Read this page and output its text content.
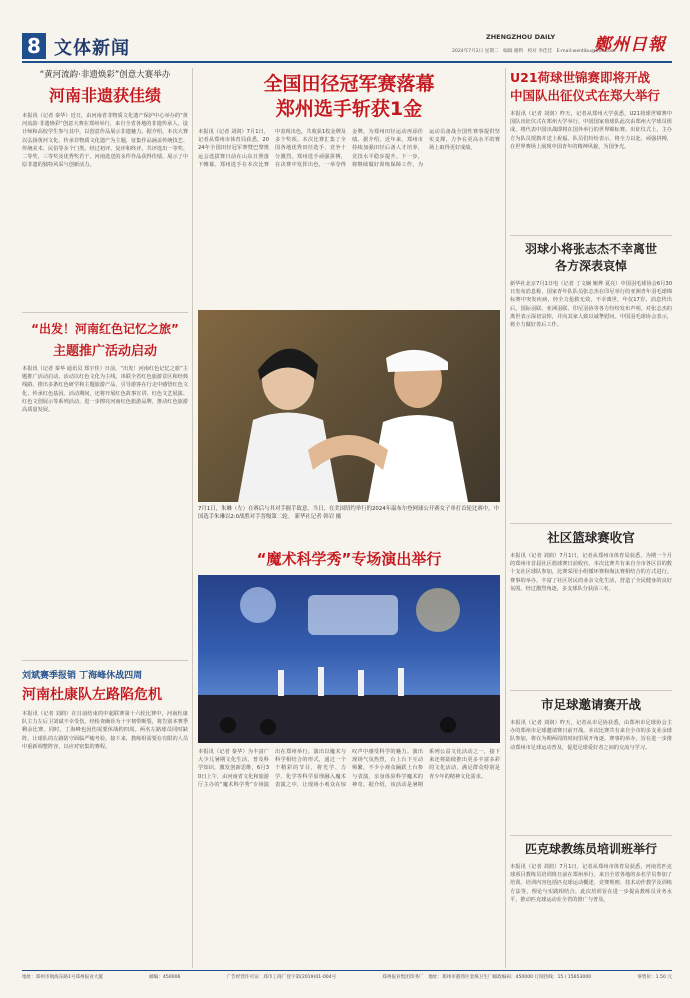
8 文体新闻
ZHENGZHOU DAILY 鄭州日報
2024年7月2日 星期二　编辑 谢利　校对 李佳佳　E-mail:wentibu@163.com
“黄河流韵·非遗焕彩”创意大赛举办
河南非遗获佳绩
本报讯（记者 秦华）近日，由河南省非物质文化遗产保护中心举办的“黄河流韵·非遗焕彩”创意大赛在郑州举行，来自全省各地的非遗传承人、设计师和高校学生参与其中，以创意作品展示非遗魅力。据介绍，本次大赛以弘扬黄河文化、传承非物质文化遗产为主题，征集作品涵盖传统技艺、传统美术、民俗等多个门类。经过初评、复评和终评，共评选出一等奖、二等奖、三等奖及优秀奖若干。河南选送的多件作品获得佳绩，展示了中原非遗的独特风采与创新活力。
“出发！河南红色记忆之旅”
主题推广活动启动
本报讯（记者 秦华 通讯员 郑宇佳）日前，“出发！河南红色记忆之旅”主题推广活动启动。活动以红色文化为主线，串联全省红色旅游景区和经典线路，推出多条红色研学和主题旅游产品，引导游客在行走中感悟红色文化、传承红色基因。活动期间，还将开展红色故事宣讲、红色文艺展演、红色文创展示等系列活动，进一步擦亮河南红色旅游品牌，推动红色旅游高质量发展。
刘斌赛季报销 丁海峰休战四周
河南杜康队左路陷危机
本报讯（记者 刘润）在日前结束的中超联赛第十六轮比赛中，河南杜康队主力左后卫刘斌不幸受伤，经检查确诊为十字韧带断裂，将告别本赛季剩余比赛。同时，丁海峰也因伤需要休战约四周。两名左路球员同时缺阵，让球队的左路防守面临严峻考验。接下来，教练组需要在有限的人员中重新调整阵容，以应对密集的赛程。
全国田径冠军赛落幕
郑州选手斩获1金
本报讯（记者 刘润）7月1日，记者从郑州市体育局获悉，2024年全国田径冠军赛暨巴黎奥运会选拔赛日前在山东日照落下帷幕。郑州选手在本次比赛中表现出色，共收获1枚金牌及多个奖项。本次比赛汇集了全国各地优秀田径选手，竞争十分激烈。郑州选手顽强拼搏，在决赛中发挥出色，一举夺得金牌，为郑州田径运动再添佳绩。据介绍，近年来，郑州市持续加强田径后备人才培养，竞技水平稳步提升。下一步，将继续做好训练保障工作，为运动员备战全国性赛事提供坚实支撑，力争在更高水平的赛场上取得更好成绩。
7月1日，朱琳（左）在赛后与其对手握手致意。当日，在美国纽约举行的2024年温布尔登网球公开赛女子单打首轮比赛中，中国选手朱琳以2:0战胜对手晋级第二轮。 新华社记者 韩岩 摄
“魔术科学秀”专场演出举行
本报讯（记者 秦华）为丰富广大少儿暑期文化生活，普及科学知识，激发创新思维，6月30日上午，由河南省文化和旅游厅主办的“魔术科学秀”专场演出在郑州举行。演出以魔术与科学相结合的形式，通过一个个精彩的节目，将光学、力学、化学等科学原理融入魔术表演之中，让现场小观众在惊叹声中感受科学的魅力。演出现场气氛热烈，台上台下互动频繁，不少小观众踊跃上台参与表演，亲身体验科学魔术的神奇。据介绍，该活动是暑期系列公益文化活动之一，接下来还将陆续推出更多丰富多彩的文化活动，满足群众特别是青少年的精神文化需求。
U21荷球世锦赛即将开战
中国队出征仪式在郑大举行
本报讯（记者 刘润）昨天，记者从郑州大学获悉，U21荷球世锦赛中国队出征仪式在郑州大学举行。中国国家荷球队此次由郑州大学球员组成，将代表中国出战即将在国外举行的世界锦标赛。出征仪式上，主办方为队员授旗并送上祝福。队员们纷纷表示，将全力以赴、顽强拼搏，在世界赛场上展现中国青年的精神风貌，为国争光。
羽球小将张志杰不幸离世
各方深表哀悼
新华社北京7月1日电（记者 丁文娴 姬烨 夏亮）中国羽毛球协会6月30日发布消息称，国家青年队队员张志杰在印尼举行的亚洲青年羽毛球锦标赛中突发疾病，经全力抢救无效，不幸离世，年仅17岁。消息传出后，国际羽联、亚洲羽联、印尼羽协等各方纷纷发布声明，对张志杰的离世表示深切哀悼，并向其家人致以诚挚慰问。中国羽毛球协会表示，将全力做好善后工作。
社区篮球赛收官
本报讯（记者 刘润）7月1日，记者从郑州市体育局获悉，为期一个月的郑州市首届社区篮球赛日前收官。本次比赛共有来自全市各区县的数十支社区球队参加，比赛采用小组循环赛和淘汰赛相结合的方式进行。赛事的举办，丰富了社区居民的业余文化生活，营造了全民健身的良好氛围。经过激烈角逐，多支球队分获前三名。
市足球邀请赛开战
本报讯（记者 刘润）昨天，记者从市足协获悉，由郑州市足球协会主办的郑州市足球邀请赛日前开战。本次比赛共有来自全市的多支业余球队参加，将在为期两周的时间里展开角逐。赛事的举办，旨在进一步推动郑州市足球运动普及，促进足球爱好者之间的交流与学习。
匹克球教练员培训班举行
本报讯（记者 刘润）7月1日，记者从郑州市体育局获悉，河南省匹克球项目教练员培训班日前在郑州举行。来自全省各地的多名学员参加了培训。培训内容包括匹克球运动概述、竞赛规则、技术动作教学及训练方法等，理论与实践相结合。此次培训旨在进一步提高教练员业务水平，推动匹克球运动在全省的推广与普及。
地址：郑州市航海东路1号郑州报业大厦	邮编：450006	广告经营许可证：郑市工商广登字第(2019)01-004号	郑州报业集团印务厂　地址：郑州市港湾区金珠卫生厂邮政编码：450000 订阅热线：15 / 15653000	零售价：1.50 元
